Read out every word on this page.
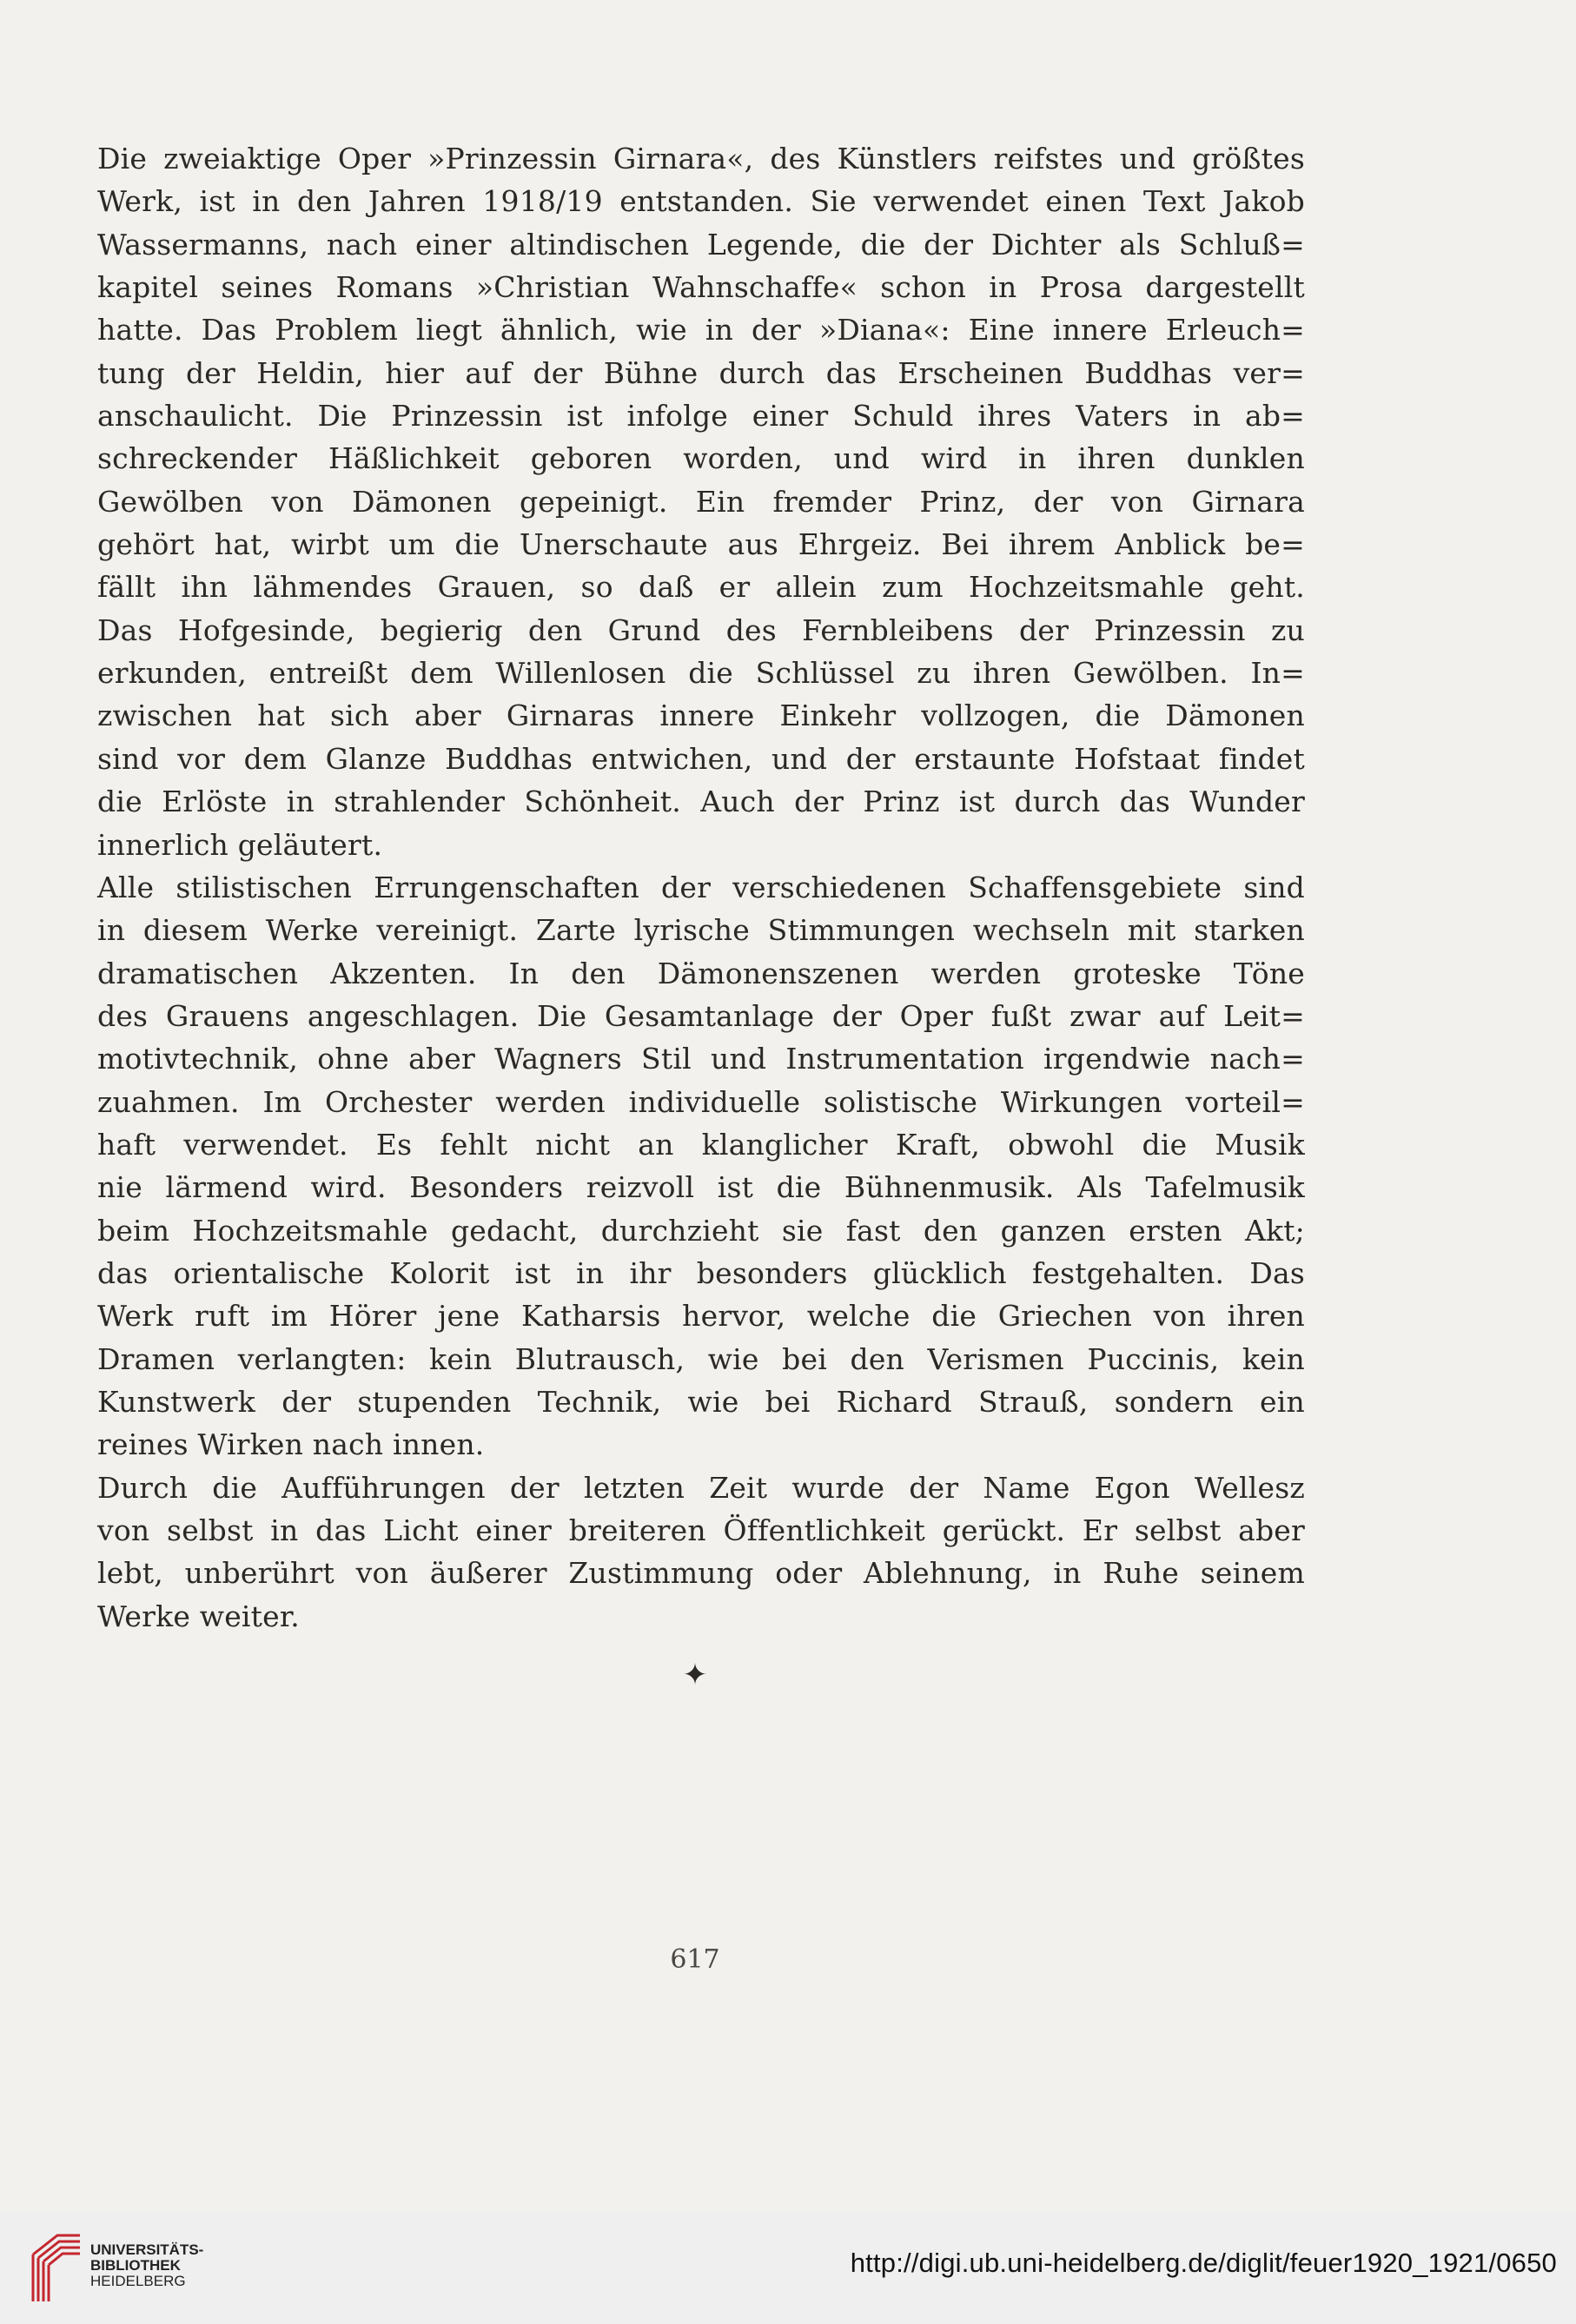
Die zweiaktige Oper »Prinzessin Girnara«, des Künstlers reifstes und größtes
Werk, ist in den Jahren 1918/19 entstanden. Sie verwendet einen Text Jakob
Wassermanns, nach einer altindischen Legende, die der Dichter als Schluß=
kapitel seines Romans »Christian Wahnschaffe« schon in Prosa dargestellt
hatte. Das Problem liegt ähnlich, wie in der »Diana«: Eine innere Erleuch=
tung der Heldin, hier auf der Bühne durch das Erscheinen Buddhas ver=
anschaulicht. Die Prinzessin ist infolge einer Schuld ihres Vaters in ab=
schreckender Häßlichkeit geboren worden, und wird in ihren dunklen
Gewölben von Dämonen gepeinigt. Ein fremder Prinz, der von Girnara
gehört hat, wirbt um die Unerschaute aus Ehrgeiz. Bei ihrem Anblick be=
fällt ihn lähmendes Grauen, so daß er allein zum Hochzeitsmahle geht.
Das Hofgesinde, begierig den Grund des Fernbleibens der Prinzessin zu
erkunden, entreißt dem Willenlosen die Schlüssel zu ihren Gewölben. In=
zwischen hat sich aber Girnaras innere Einkehr vollzogen, die Dämonen
sind vor dem Glanze Buddhas entwichen, und der erstaunte Hofstaat findet
die Erlöste in strahlender Schönheit. Auch der Prinz ist durch das Wunder
innerlich geläutert.
Alle stilistischen Errungenschaften der verschiedenen Schaffensgebiete sind
in diesem Werke vereinigt. Zarte lyrische Stimmungen wechseln mit starken
dramatischen Akzenten. In den Dämonenszenen werden groteske Töne
des Grauens angeschlagen. Die Gesamtanlage der Oper fußt zwar auf Leit=
motivtechnik, ohne aber Wagners Stil und Instrumentation irgendwie nach=
zuahmen. Im Orchester werden individuelle solistische Wirkungen vorteil=
haft verwendet. Es fehlt nicht an klanglicher Kraft, obwohl die Musik
nie lärmend wird. Besonders reizvoll ist die Bühnenmusik. Als Tafelmusik
beim Hochzeitsmahle gedacht, durchzieht sie fast den ganzen ersten Akt;
das orientalische Kolorit ist in ihr besonders glücklich festgehalten. Das
Werk ruft im Hörer jene Katharsis hervor, welche die Griechen von ihren
Dramen verlangten: kein Blutrausch, wie bei den Verismen Puccinis, kein
Kunstwerk der stupenden Technik, wie bei Richard Strauß, sondern ein
reines Wirken nach innen.
Durch die Aufführungen der letzten Zeit wurde der Name Egon Wellesz
von selbst in das Licht einer breiteren Öffentlichkeit gerückt. Er selbst aber
lebt, unberührt von äußerer Zustimmung oder Ablehnung, in Ruhe seinem
Werke weiter.
✦
617
UNIVERSITÄTS-
BIBLIOTHEK
HEIDELBERG
http://digi.ub.uni-heidelberg.de/diglit/feuer1920_1921/0650
